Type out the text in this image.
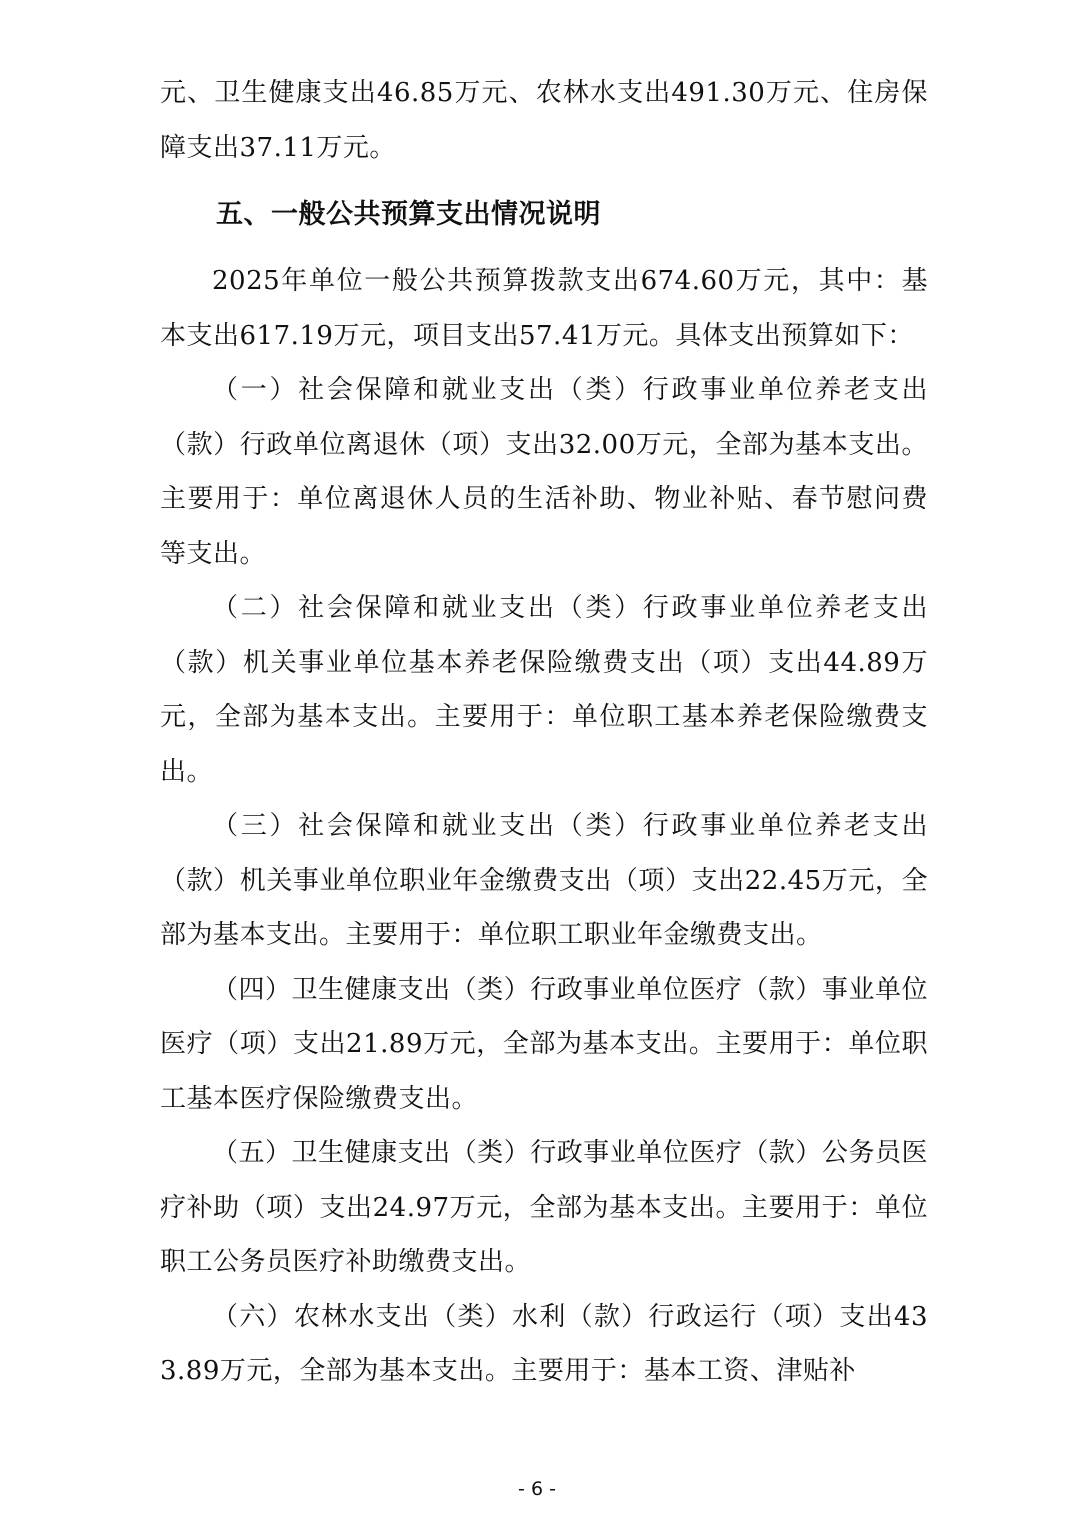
元、卫生健康支出46.85万元、农林水支出491.30万元、住房保障支出37.11万元。

五、一般公共预算支出情况说明

2025年单位一般公共预算拨款支出674.60万元，其中：基本支出617.19万元，项目支出57.41万元。具体支出预算如下：

（一）社会保障和就业支出（类）行政事业单位养老支出（款）行政单位离退休（项）支出32.00万元，全部为基本支出。主要用于：单位离退休人员的生活补助、物业补贴、春节慰问费等支出。

（二）社会保障和就业支出（类）行政事业单位养老支出（款）机关事业单位基本养老保险缴费支出（项）支出44.89万元，全部为基本支出。主要用于：单位职工基本养老保险缴费支出。

（三）社会保障和就业支出（类）行政事业单位养老支出（款）机关事业单位职业年金缴费支出（项）支出22.45万元，全部为基本支出。主要用于：单位职工职业年金缴费支出。

（四）卫生健康支出（类）行政事业单位医疗（款）事业单位医疗（项）支出21.89万元，全部为基本支出。主要用于：单位职工基本医疗保险缴费支出。

（五）卫生健康支出（类）行政事业单位医疗（款）公务员医疗补助（项）支出24.97万元，全部为基本支出。主要用于：单位职工公务员医疗补助缴费支出。

（六）农林水支出（类）水利（款）行政运行（项）支出433.89万元，全部为基本支出。主要用于：基本工资、津贴补

- 6 -
